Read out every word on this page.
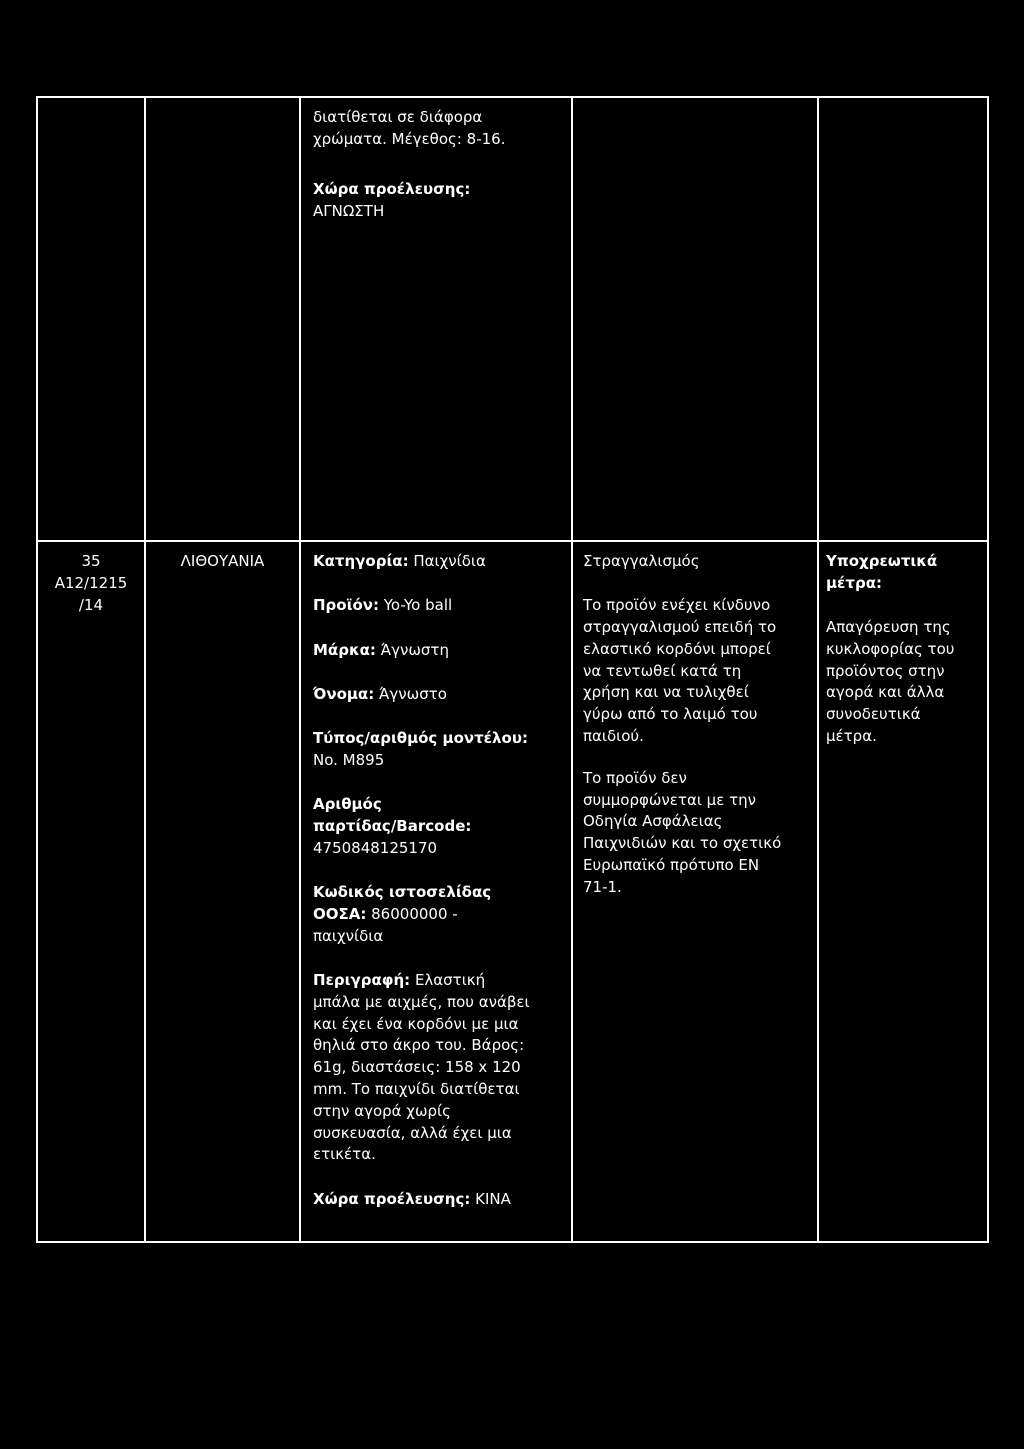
διατίθεται σε διάφορα
χρώματα. Μέγεθος: 8-16.
Χώρα προέλευσης:
ΑΓΝΩΣΤΗ
35
A12/1215
/14
ΛΙΘΟΥΑΝΙΑ	Κατηγορία: Παιχνίδια
Προϊόν: Yo-Yo ball
Μάρκα: Άγνωστη
Όνομα: Άγνωστο
Τύπος/αριθμός μοντέλου:
No. M895
Αριθμός
παρτίδας/Barcode:
4750848125170
Κωδικός ιστοσελίδας
ΟΟΣΑ: 86000000 -
παιχνίδια
Περιγραφή: Ελαστική
μπάλα με αιχμές, που ανάβει
και έχει ένα κορδόνι με μια
θηλιά στο άκρο του. Βάρος:
61g, διαστάσεις: 158 x 120
mm. Το παιχνίδι διατίθεται
στην αγορά χωρίς
συσκευασία, αλλά έχει μια
ετικέτα.
Χώρα προέλευσης: ΚΙΝΑ
Στραγγαλισμός
Το προϊόν ενέχει κίνδυνο
στραγγαλισμού επειδή το
ελαστικό κορδόνι μπορεί
να τεντωθεί κατά τη
χρήση και να τυλιχθεί
γύρω από το λαιμό του
παιδιού.
Το προϊόν δεν
συμμορφώνεται με την
Οδηγία Ασφάλειας
Παιχνιδιών και το σχετικό
Ευρωπαϊκό πρότυπο ΕΝ
71-1.
Υποχρεωτικά
μέτρα:
Απαγόρευση της
κυκλοφορίας του
προϊόντος στην
αγορά και άλλα
συνοδευτικά
μέτρα.
